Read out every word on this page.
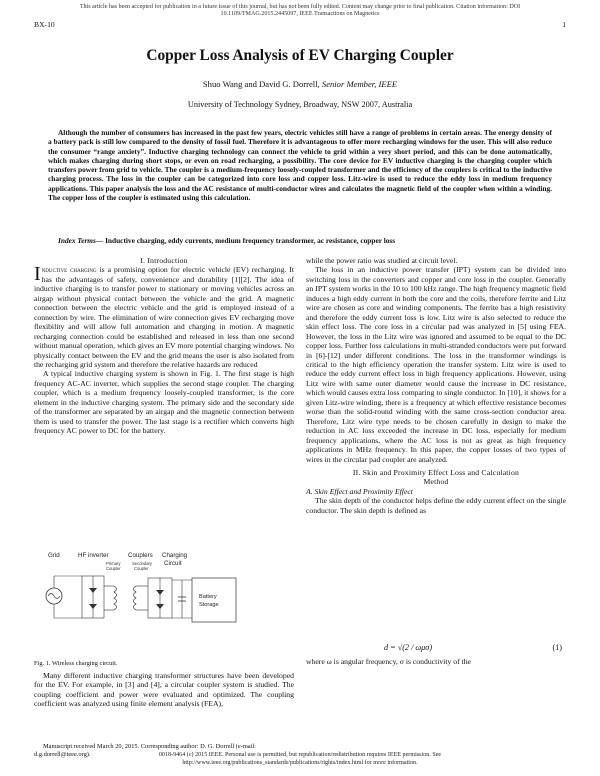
This article has been accepted for publication in a future issue of this journal, but has not been fully edited. Content may change prior to final publication. Citation information: DOI
10.1109/TMAG.2015.2445097, IEEE Transactions on Magnetics
BX-10	1
Copper Loss Analysis of EV Charging Coupler
Shuo Wang and David G. Dorrell, Senior Member, IEEE
University of Technology Sydney, Broadway, NSW 2007, Australia
Although the number of consumers has increased in the past few years, electric vehicles still have a range of problems in certain areas. The energy density of a battery pack is still low compared to the density of fossil fuel. Therefore it is advantageous to offer more recharging windows for the user. This will also reduce the consumer “range anxiety”. Inductive charging technology can connect the vehicle to grid within a very short period, and this can be done automatically, which makes charging during short stops, or even on road recharging, a possibility. The core device for EV inductive charging is the charging coupler which transfers power from grid to vehicle. The coupler is a medium-frequency loosely-coupled transformer and the efficiency of the couplers is critical to the inductive charging process. The loss in the coupler can be categorized into core loss and copper loss. Litz-wire is used to reduce the eddy loss in medium frequency applications. This paper analysis the loss and the AC resistance of multi-conductor wires and calculates the magnetic field of the coupler when within a winding. The copper loss of the coupler is estimated using this calculation.
Index Terms— Inductive charging, eddy currents, medium frequency transformer, ac resistance, copper loss
I. Introduction

Inductive charging is a promising option for electric vehicle (EV) recharging. It has the advantages of safety, convenience and durability [1][2]. The idea of inductive charging is to transfer power to stationary or moving vehicles across an airgap without physical contact between the vehicle and the grid. A magnetic connection between the electric vehicle and the grid is employed instead of a connection by wire. The elimination of wire connection gives EV recharging move flexibility and will allow full automation and charging in motion. A magnetic recharging connection could be established and released in less than one second without manual operation, which gives an EV more potential charging windows. No physically contact between the EV and the grid means the user is also isolated from the recharging grid system and therefore the relative hazards are reduced

A typical inductive charging system is shown in Fig. 1. The first stage is high frequency AC-AC inverter, which supplies the second stage coupler. The charging coupler, which is a medium frequency loosely-coupled transformer, is the core element in the inductive charging system. The primary side and the secondary side of the transformer are separated by an airgap and the magnetic connection between them is used to transfer the power. The last stage is a rectifier which converts high frequency AC power to DC for the battery.

Grid	HF inverter	Couplers Charging
Circuit
Primary
Coupler
Secondary
Coupler
Battery
Storage
Fig. 1. Wireless charging circuit.

Many different inductive charging transformer structures have been developed for the EV. For example, in [3] and [4], a circular coupler system is studied. The coupling coefficient and power were evaluated and optimized. The coupling coefficient was analyzed using finite element analysis (FEA),

Manuscript received March 20, 2015. Corresponding author: D. G. Dorrell (e-mail: d.g.dorrell@ieee.org).

while the power ratio was studied at circuit level.

The loss in an inductive power transfer (IPT) system can be divided into switching loss in the converters and copper and core loss in the coupler. Generally an IPT system works in the 10 to 100 kHz range. The high frequency magnetic field induces a high eddy current in both the core and the coils, therefore ferrite and Litz wire are chosen as core and winding components. The ferrite has a high resistivity and therefore the eddy current loss is low. Litz wire is also selected to reduce the skin effect loss. The core loss in a circular pad was analyzed in [5] using FEA. However, the loss in the Litz wire was ignored and assumed to be equal to the DC copper loss. Further loss calculations in multi-stranded conductors were put forward in [6]-[12] under different conditions. The loss in the transformer windings is critical to the high efficiency operation the transfer system. Litz wire is used to reduce the eddy current effect loss in high frequency applications. However, using Litz wire with same outer diameter would cause the increase in DC resistance, which would causes extra loss comparing to single conductor. In [10], it shows for a given Litz-wire winding, there is a frequency at which effective resistance becomes worse than the solid-round winding with the same cross-section conductor area. Therefore, Litz wire type needs to be chosen carefully in design to make the reduction in AC loss exceeded the increase in DC loss, especially for medium frequency applications, where the AC loss is not as great as high frequency applications in MHz frequency. In this paper, the copper losses of two types of wires in the circular pad coupler are analyzed.

II. Skin and Proximity Effect Loss and Calculation
Method
A. Skin Effect and Proximity Effect

The skin depth of the conductor helps define the eddy current effect on the single conductor. The skin depth is defined as

d = √(2 / ωμσ)	(1)
where ω is angular frequency, σ is conductivity of the
0018-9464 (c) 2015 IEEE. Personal use is permitted, but republication/redistribution requires IEEE permission. See
http://www.ieee.org/publications_standards/publications/rights/index.html for more information.
